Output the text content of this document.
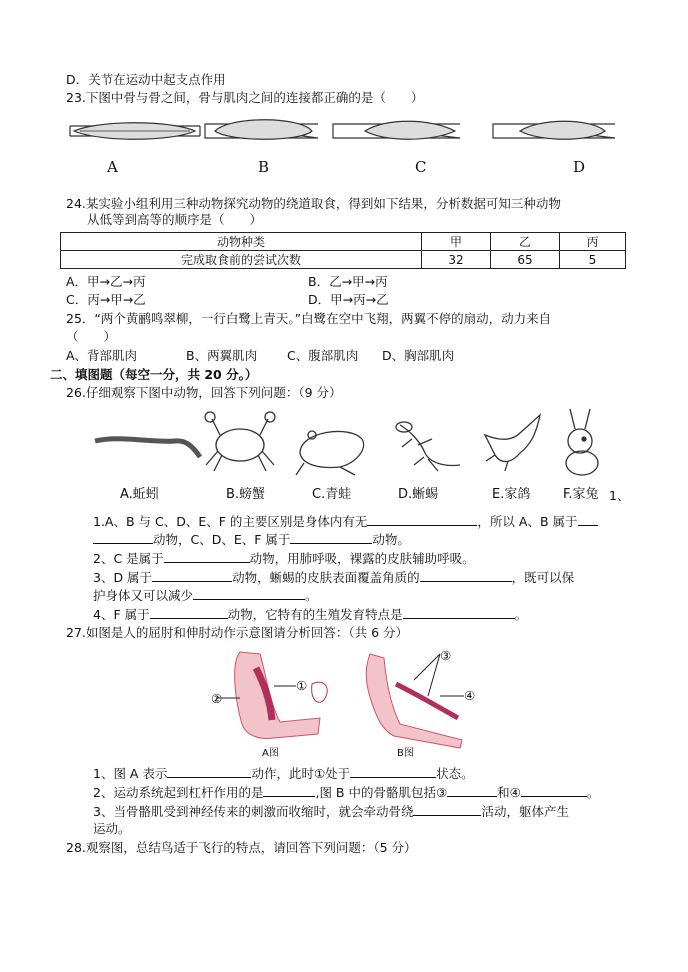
D．关节在运动中起支点作用
23.下图中骨与骨之间，骨与肌肉之间的连接都正确的是（　　）
A	B	C	D
24.某实验小组利用三种动物探究动物的绕道取食，得到如下结果，分析数据可知三种动物
从低等到高等的顺序是（　　）
动物种类	甲	乙	丙
完成取食前的尝试次数	32	65	5
A．甲→乙→丙	B．乙→甲→丙
C．丙→甲→乙	D．甲→丙→乙
25．“两个黄鹂鸣翠柳，一行白鹭上青天。”白鹭在空中飞翔，两翼不停的扇动，动力来自
（　　）
A、背部肌肉	B、两翼肌肉 C、腹部肌肉 D、胸部肌肉
二、填图题（每空一分，共 20 分。）
26.仔细观察下图中动物，回答下列问题：（9 分）
A.蚯蚓	B.螃蟹	C.青蛙	D.蜥蜴	E.家鸽	F.家兔 1、
1.A、B 与 C、D、E、F 的主要区别是身体内有无	，所以 A、B 属于
动物，C、D、E、F 属于	动物。
2、C 是属于	动物，用肺呼吸，裸露的皮肤辅助呼吸。
3、D 属于	动物，蜥蜴的皮肤表面覆盖角质的	，既可以保
护身体又可以减少	。
4、F 属于	动物，它特有的生殖发育特点是	。
27.如图是人的屈肘和伸肘动作示意图请分析回答：（共 6 分）
②
①
③
④
A图	B图
1、图 A 表示	动作，此时①处于	状态。
2、运动系统起到杠杆作用的是	,图 B 中的骨骼肌包括③	和④	。
3、当骨骼肌受到神经传来的刺激而收缩时，就会牵动骨绕	活动，躯体产生
运动。
28.观察图，总结鸟适于飞行的特点，请回答下列问题：（5 分）
